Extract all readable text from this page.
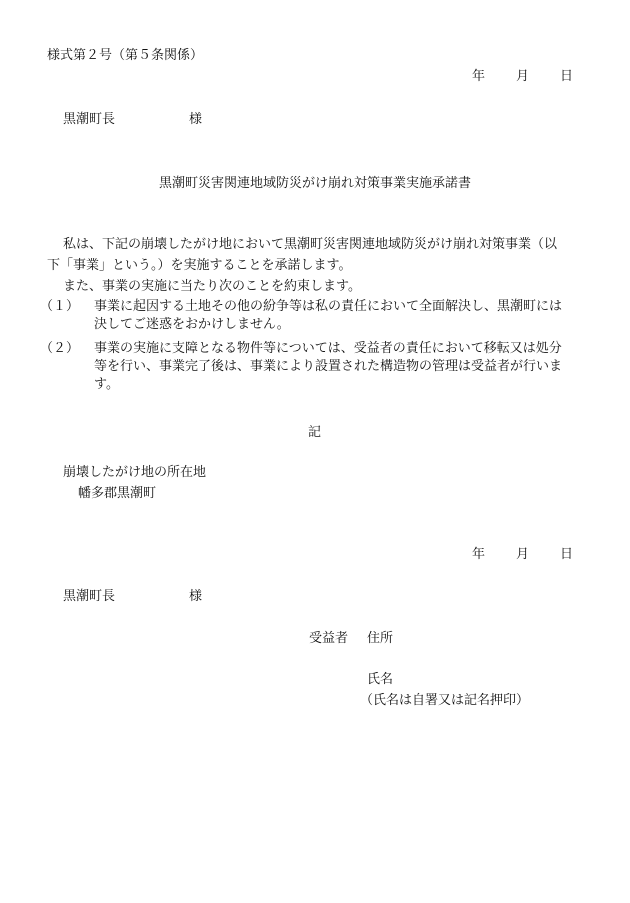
様式第２号（第５条関係）
年	月	日
黒潮町長	様
黒潮町災害関連地域防災がけ崩れ対策事業実施承諾書
私は、下記の崩壊したがけ地において黒潮町災害関連地域防災がけ崩れ対策事業（以
下「事業」という。）を実施することを承諾します。
また、事業の実施に当たり次のことを約束します。
（１）	事業に起因する土地その他の紛争等は私の責任において全面解決し、黒潮町には
決してご迷惑をおかけしません。
（２）	事業の実施に支障となる物件等については、受益者の責任において移転又は処分
等を行い、事業完了後は、事業により設置された構造物の管理は受益者が行いま
す。
記
崩壊したがけ地の所在地
幡多郡黒潮町
年	月	日
黒潮町長	様
受益者 住所
氏名
（氏名は自署又は記名押印）
